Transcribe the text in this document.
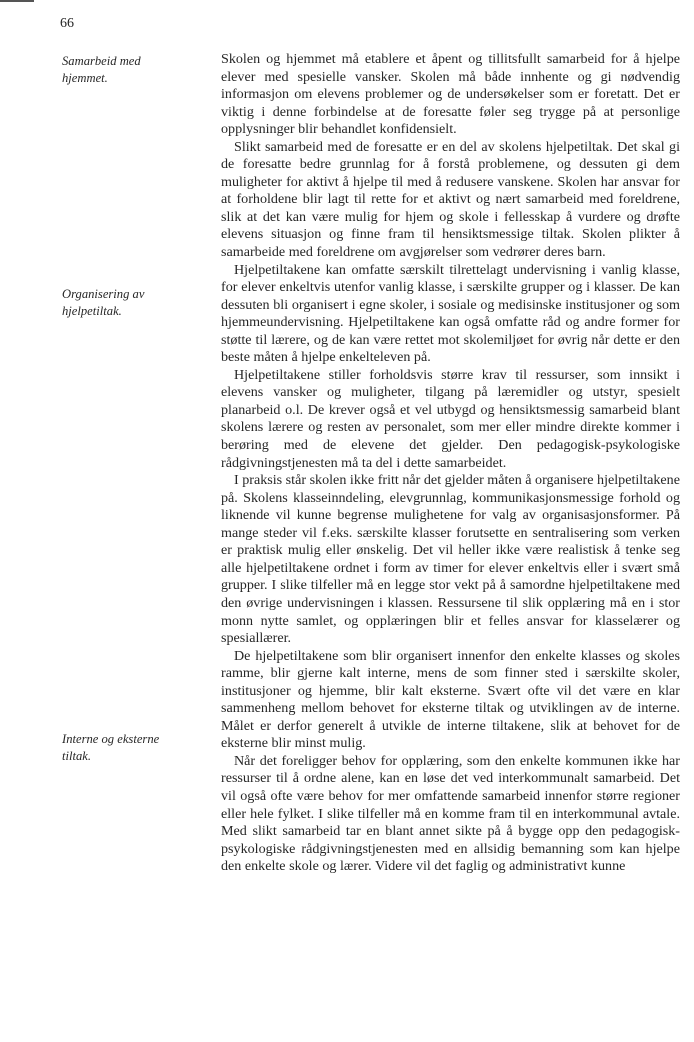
66
Samarbeid med
hjemmet.
Organisering av
hjelpetiltak.
Interne og eksterne
tiltak.

Skolen og hjemmet må etablere et åpent og tillitsfullt samarbeid for å hjelpe elever med spesielle vansker. Skolen må både innhente og gi nødvendig informasjon om elevens problemer og de undersøkelser som er foretatt. Det er viktig i denne forbindelse at de foresatte føler seg trygge på at personlige opplysninger blir behandlet konfidensielt.

Slikt samarbeid med de foresatte er en del av skolens hjelpetiltak. Det skal gi de foresatte bedre grunnlag for å forstå problemene, og dessuten gi dem muligheter for aktivt å hjelpe til med å redusere vanskene. Skolen har ansvar for at forholdene blir lagt til rette for et aktivt og nært samarbeid med foreldrene, slik at det kan være mulig for hjem og skole i fellesskap å vurdere og drøfte elevens situasjon og finne fram til hensiktsmessige tiltak. Skolen plikter å samarbeide med foreldrene om avgjørelser som vedrører deres barn.

Hjelpetiltakene kan omfatte særskilt tilrettelagt undervisning i vanlig klasse, for elever enkeltvis utenfor vanlig klasse, i særskilte grupper og i klasser. De kan dessuten bli organisert i egne skoler, i sosiale og medisinske institusjoner og som hjemmeundervisning. Hjelpetiltakene kan også omfatte råd og andre former for støtte til lærere, og de kan være rettet mot skolemiljøet for øvrig når dette er den beste måten å hjelpe enkelteleven på.

Hjelpetiltakene stiller forholdsvis større krav til ressurser, som innsikt i elevens vansker og muligheter, tilgang på læremidler og utstyr, spesielt planarbeid o.l. De krever også et vel utbygd og hensiktsmessig samarbeid blant skolens lærere og resten av personalet, som mer eller mindre direkte kommer i berøring med de elevene det gjelder. Den pedagogisk-psykologiske rådgivningstjenesten må ta del i dette samarbeidet.

I praksis står skolen ikke fritt når det gjelder måten å organisere hjelpetiltakene på. Skolens klasseinndeling, elevgrunnlag, kommunikasjonsmessige forhold og liknende vil kunne begrense mulighetene for valg av organisasjonsformer. På mange steder vil f.eks. særskilte klasser forutsette en sentralisering som verken er praktisk mulig eller ønskelig. Det vil heller ikke være realistisk å tenke seg alle hjelpetiltakene ordnet i form av timer for elever enkeltvis eller i svært små grupper. I slike tilfeller må en legge stor vekt på å samordne hjelpetiltakene med den øvrige undervisningen i klassen. Ressursene til slik opplæring må en i stor monn nytte samlet, og opplæringen blir et felles ansvar for klasselærer og spesiallærer.

De hjelpetiltakene som blir organisert innenfor den enkelte klasses og skoles ramme, blir gjerne kalt interne, mens de som finner sted i særskilte skoler, institusjoner og hjemme, blir kalt eksterne. Svært ofte vil det være en klar sammenheng mellom behovet for eksterne tiltak og utviklingen av de interne. Målet er derfor generelt å utvikle de interne tiltakene, slik at behovet for de eksterne blir minst mulig.

Når det foreligger behov for opplæring, som den enkelte kommunen ikke har ressurser til å ordne alene, kan en løse det ved interkommunalt samarbeid. Det vil også ofte være behov for mer omfattende samarbeid innenfor større regioner eller hele fylket. I slike tilfeller må en komme fram til en interkommunal avtale. Med slikt samarbeid tar en blant annet sikte på å bygge opp den pedagogisk-psykologiske rådgivningstjenesten med en allsidig bemanning som kan hjelpe den enkelte skole og lærer. Videre vil det faglig og administrativt kunne
